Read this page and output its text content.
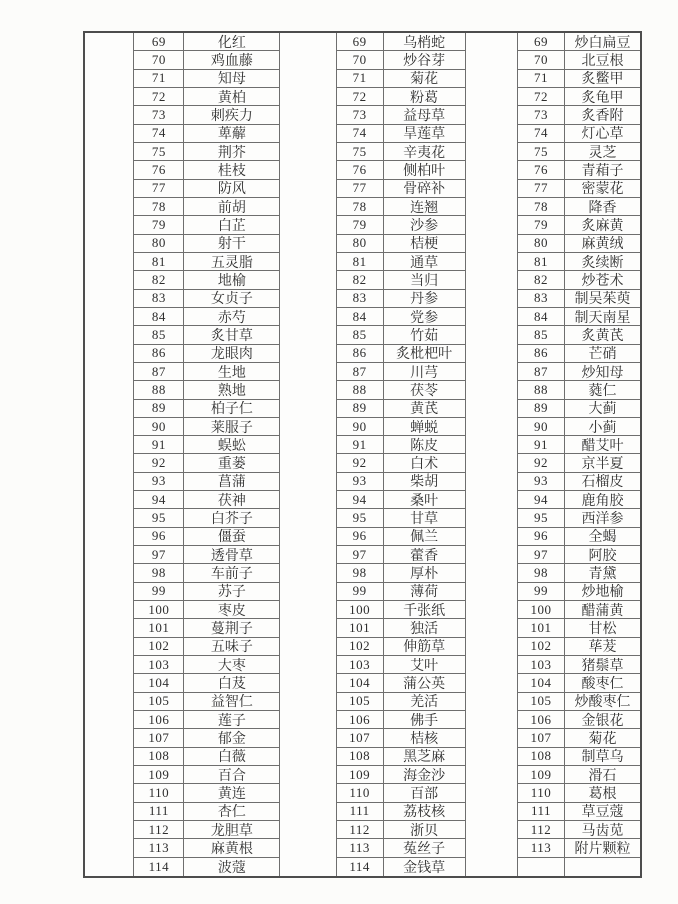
69	化红
70	鸡血藤
71	知母
72	黄柏
73	刺疾力
74	萆薢
75	荆芥
76	桂枝
77	防风
78	前胡
79	白芷
80	射干
81	五灵脂
82	地榆
83	女贞子
84	赤芍
85	炙甘草
86	龙眼肉
87	生地
88	熟地
89	柏子仁
90	莱服子
91	蜈蚣
92	重蒌
93	菖蒲
94	茯神
95	白芥子
96	僵蚕
97	透骨草
98	车前子
99	苏子
100	枣皮
101	蔓荆子
102	五味子
103	大枣
104	白芨
105	益智仁
106	莲子
107	郁金
108	白薇
109	百合
110	黄连
111	杏仁
112	龙胆草
113	麻黄根
114	波蔻
69	乌梢蛇
70	炒谷芽
71	菊花
72	粉葛
73	益母草
74	旱莲草
75	辛夷花
76	侧柏叶
77	骨碎补
78	连翘
79	沙参
80	桔梗
81	通草
82	当归
83	丹参
84	党参
85	竹茹
86	炙枇杷叶
87	川芎
88	茯苓
89	黄芪
90	蝉蜕
91	陈皮
92	白术
93	柴胡
94	桑叶
95	甘草
96	佩兰
97	藿香
98	厚朴
99	薄荷
100	千张纸
101	独活
102	伸筋草
103	艾叶
104	蒲公英
105	羌活
106	佛手
107	桔核
108	黑芝麻
109	海金沙
110	百部
111	荔枝核
112	浙贝
113	菟丝子
114	金钱草
69	炒白扁豆
70	北豆根
71	炙鳖甲
72	炙龟甲
73	炙香附
74	灯心草
75	灵芝
76	青葙子
77	密蒙花
78	降香
79	炙麻黄
80	麻黄绒
81	炙续断
82	炒苍术
83	制吴茱萸
84	制天南星
85	炙黄芪
86	芒硝
87	炒知母
88	蕤仁
89	大蓟
90	小蓟
91	醋艾叶
92	京半夏
93	石榴皮
94	鹿角胶
95	西洋参
96	全蝎
97	阿胶
98	青黛
99	炒地榆
100	醋蒲黄
101	甘松
102	荜茇
103	猪鬃草
104	酸枣仁
105	炒酸枣仁
106	金银花
107	菊花
108	制草乌
109	滑石
110	葛根
111	草豆蔻
112	马齿苋
113	附片颗粒
